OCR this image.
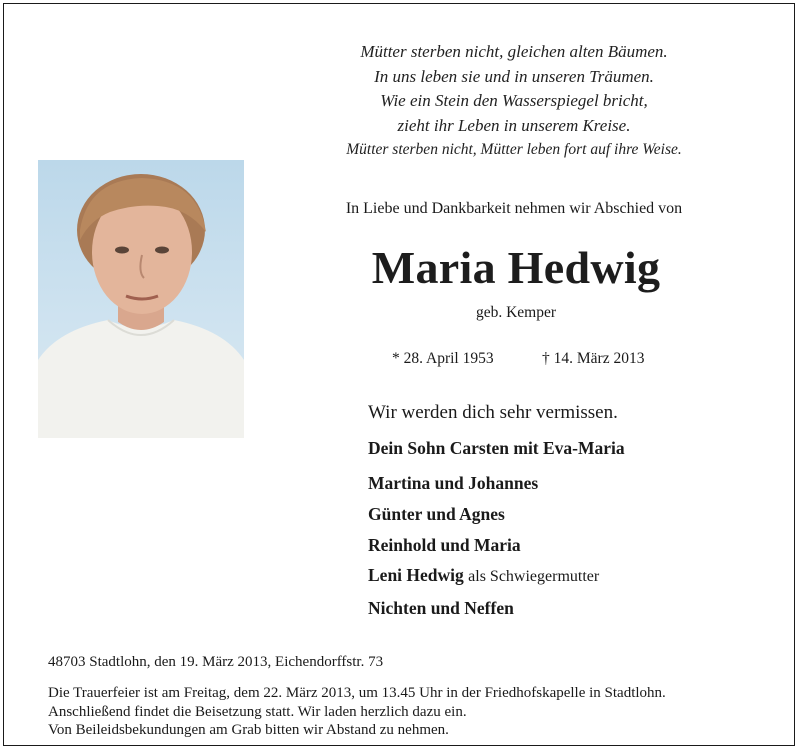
Mütter sterben nicht, gleichen alten Bäumen.
In uns leben sie und in unseren Träumen.
Wie ein Stein den Wasserspiegel bricht,
zieht ihr Leben in unserem Kreise.
Mütter sterben nicht, Mütter leben fort auf ihre Weise.
In Liebe und Dankbarkeit nehmen wir Abschied von
Maria Hedwig
geb. Kemper
* 28. April 1953	† 14. März 2013
Wir werden dich sehr vermissen.
Dein Sohn Carsten mit Eva-Maria
Martina und Johannes
Günter und Agnes
Reinhold und Maria
Leni Hedwig als Schwiegermutter
Nichten und Neffen
48703 Stadtlohn, den 19. März 2013, Eichendorffstr. 73
Die Trauerfeier ist am Freitag, dem 22. März 2013, um 13.45 Uhr in der Friedhofskapelle in Stadtlohn.
Anschließend findet die Beisetzung statt. Wir laden herzlich dazu ein.
Von Beileidsbekundungen am Grab bitten wir Abstand zu nehmen.
